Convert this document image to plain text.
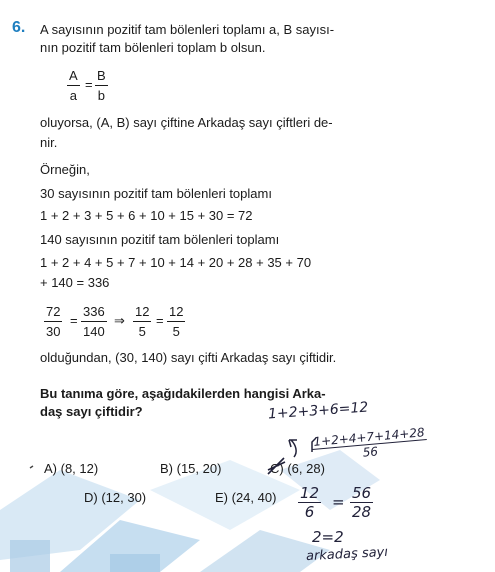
6. A sayısının pozitif tam bölenleri toplamı a, B sayısı-
nın pozitif tam bölenleri toplam b olsun.
$\frac{A}{a} = \frac{B}{b}$
oluyorsa, (A, B) sayı çiftine Arkadaş sayı çiftleri de-
nir.
Örneğin,
30 sayısının pozitif tam bölenleri toplamı
1 + 2 + 3 + 5 + 6 + 10 + 15 + 30 = 72
140 sayısının pozitif tam bölenleri toplamı
1 + 2 + 4 + 5 + 7 + 10 + 14 + 20 + 28 + 35 + 70
+ 140 = 336
$\frac{72}{30} = \frac{336}{140}$ ⇒ $\frac{12}{5} = \frac{12}{5}$
olduğundan, (30, 140) sayı çifti Arkadaş sayı çiftidir.
Bu tanıma göre, aşağıdakilerden hangisi Arka-
daş sayı çiftidir?
A) (8, 12)	B) (15, 20)	C) (6, 28)
D) (12, 30)	E) (24, 40)
1+2+3+6=12
1+2+4+7+14+28
56
$\frac{12}{6} = \frac{56}{28}$
2=2
arkadaş sayı
